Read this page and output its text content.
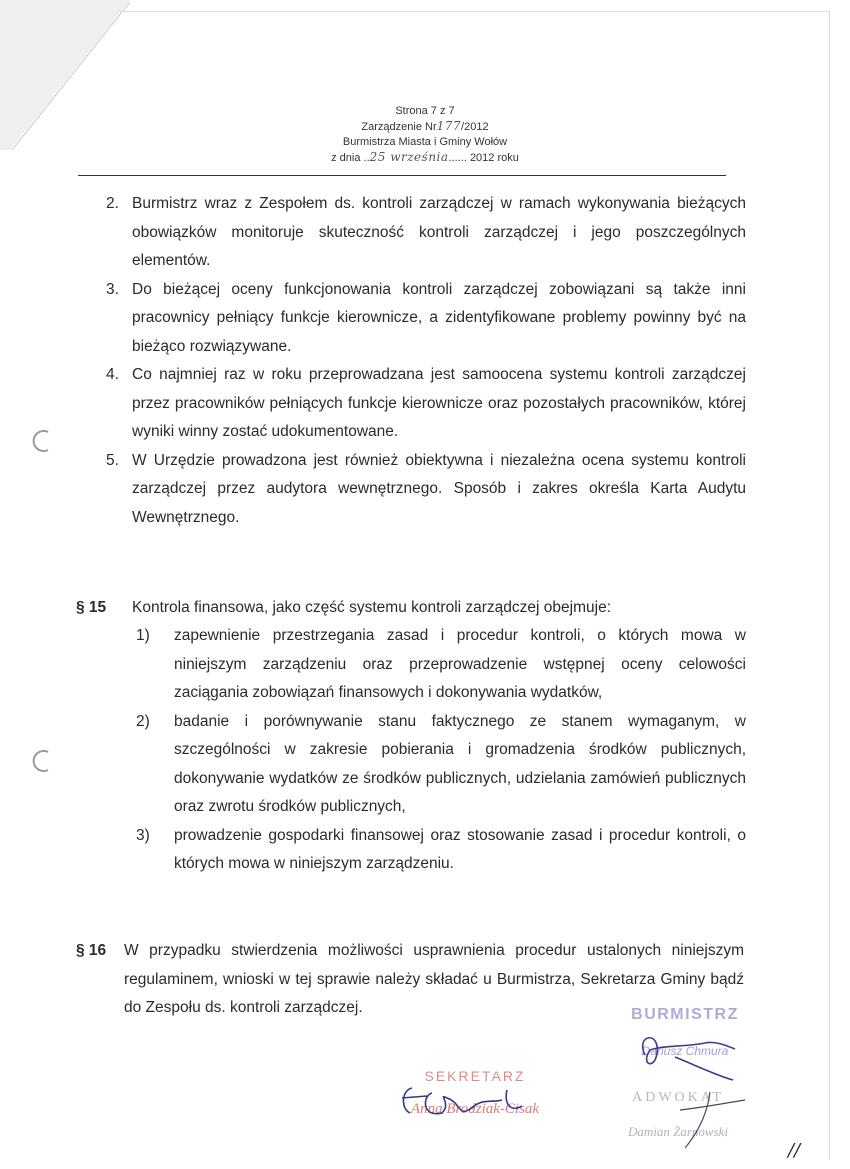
Strona 7 z 7
Zarządzenie Nr177/2012
Burmistrza Miasta i Gminy Wołów
z dnia ..25 września...... 2012 roku
2. Burmistrz wraz z Zespołem ds. kontroli zarządczej w ramach wykonywania bieżących obowiązków monitoruje skuteczność kontroli zarządczej i jego poszczególnych elementów.
3. Do bieżącej oceny funkcjonowania kontroli zarządczej zobowiązani są także inni pracownicy pełniący funkcje kierownicze, a zidentyfikowane problemy powinny być na bieżąco rozwiązywane.
4. Co najmniej raz w roku przeprowadzana jest samoocena systemu kontroli zarządczej przez pracowników pełniących funkcje kierownicze oraz pozostałych pracowników, której wyniki winny zostać udokumentowane.
5. W Urzędzie prowadzona jest również obiektywna i niezależna ocena systemu kontroli zarządczej przez audytora wewnętrznego. Sposób i zakres określa Karta Audytu Wewnętrznego.
§ 15 Kontrola finansowa, jako część systemu kontroli zarządczej obejmuje:
1) zapewnienie przestrzegania zasad i procedur kontroli, o których mowa w niniejszym zarządzeniu oraz przeprowadzenie wstępnej oceny celowości zaciągania zobowiązań finansowych i dokonywania wydatków,
2) badanie i porównywanie stanu faktycznego ze stanem wymaganym, w szczególności w zakresie pobierania i gromadzenia środków publicznych, dokonywanie wydatków ze środków publicznych, udzielania zamówień publicznych oraz zwrotu środków publicznych,
3) prowadzenie gospodarki finansowej oraz stosowanie zasad i procedur kontroli, o których mowa w niniejszym zarządzeniu.
§ 16 W przypadku stwierdzenia możliwości usprawnienia procedur ustalonych niniejszym regulaminem, wnioski w tej sprawie należy składać u Burmistrza, Sekretarza Gminy bądź do Zespołu ds. kontroli zarządczej.	BURMISTRZ
Dariusz Chmura
ADWOKAT
Damian Żarnowski
SEKRETARZ
Anna Brodziak-Cisak
//
